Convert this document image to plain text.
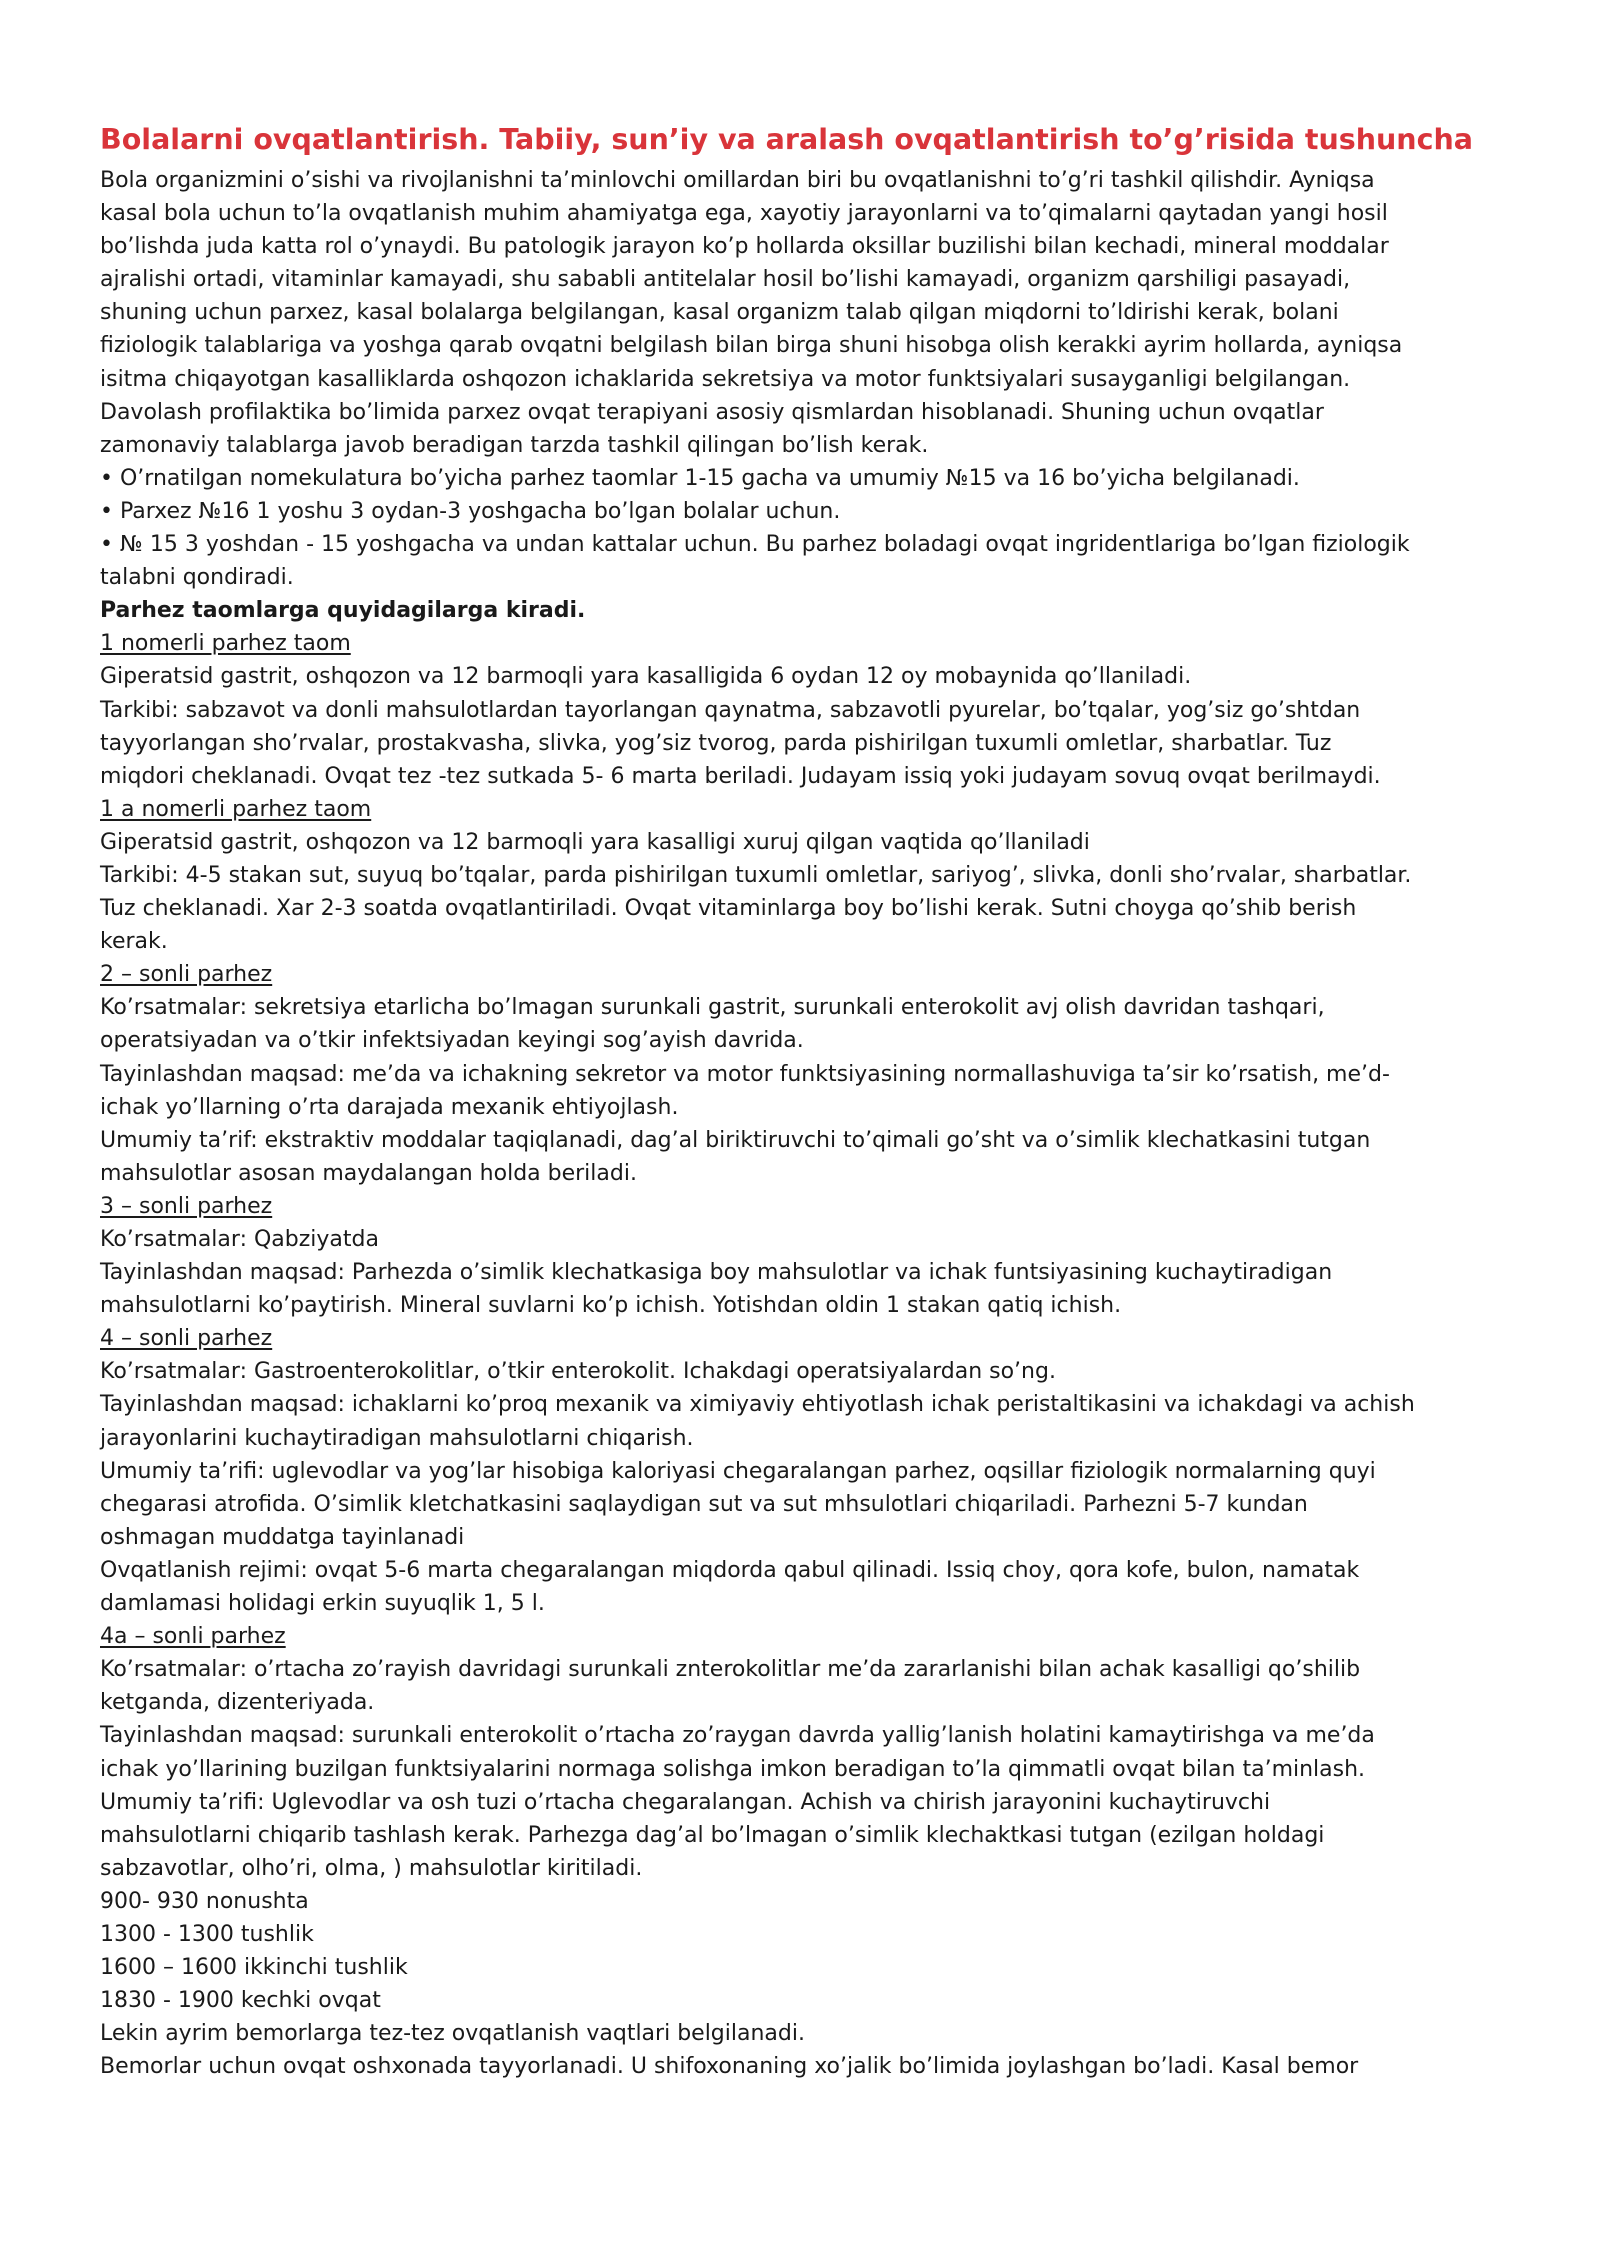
Bolalarni ovqatlantirish. Tabiiy, sun’iy va aralash ovqatlantirish to’g’risida tushuncha

Bola organizmini o’sishi va rivojlanishni ta’minlovchi omillardan biri bu ovqatlanishni to’g’ri tashkil qilishdir. Ayniqsa

kasal bola uchun to’la ovqatlanish muhim ahamiyatga ega, xayotiy jarayonlarni va to’qimalarni qaytadan yangi hosil

bo’lishda juda katta rol o’ynaydi. Bu patologik jarayon ko’p hollarda oksillar buzilishi bilan kechadi, mineral moddalar

ajralishi ortadi, vitaminlar kamayadi, shu sababli antitelalar hosil bo’lishi kamayadi, organizm qarshiligi pasayadi,

shuning uchun parxez, kasal bolalarga belgilangan, kasal organizm talab qilgan miqdorni to’ldirishi kerak, bolani

fiziologik talablariga va yoshga qarab ovqatni belgilash bilan birga shuni hisobga olish kerakki ayrim hollarda, ayniqsa

isitma chiqayotgan kasalliklarda oshqozon ichaklarida sekretsiya va motor funktsiyalari susayganligi belgilangan.

Davolash profilaktika bo’limida parxez ovqat terapiyani asosiy qismlardan hisoblanadi. Shuning uchun ovqatlar

zamonaviy talablarga javob beradigan tarzda tashkil qilingan bo’lish kerak.

• O’rnatilgan nomekulatura bo’yicha parhez taomlar 1-15 gacha va umumiy №15 va 16 bo’yicha belgilanadi.

• Parxez №16 1 yoshu 3 oydan-3 yoshgacha bo’lgan bolalar uchun.

• № 15 3 yoshdan - 15 yoshgacha va undan kattalar uchun. Bu parhez boladagi ovqat ingridentlariga bo’lgan fiziologik

talabni qondiradi.

Parhez taomlarga quyidagilarga kiradi.

1 nomerli parhez taom

Giperatsid gastrit, oshqozon va 12 barmoqli yara kasalligida 6 oydan 12 oy mobaynida qo’llaniladi.

Tarkibi: sabzavot va donli mahsulotlardan tayorlangan qaynatma, sabzavotli pyurelar, bo’tqalar, yog’siz go’shtdan

tayyorlangan sho’rvalar, prostakvasha, slivka, yog’siz tvorog, parda pishirilgan tuxumli omletlar, sharbatlar. Tuz

miqdori cheklanadi. Ovqat tez -tez sutkada 5- 6 marta beriladi. Judayam issiq yoki judayam sovuq ovqat berilmaydi.

1 a nomerli parhez taom

Giperatsid gastrit, oshqozon va 12 barmoqli yara kasalligi xuruj qilgan vaqtida qo’llaniladi

Tarkibi: 4-5 stakan sut, suyuq bo’tqalar, parda pishirilgan tuxumli omletlar, sariyog’, slivka, donli sho’rvalar, sharbatlar.

Tuz cheklanadi. Xar 2-3 soatda ovqatlantiriladi. Ovqat vitaminlarga boy bo’lishi kerak. Sutni choyga qo’shib berish

kerak.

2 – sonli parhez

Ko’rsatmalar: sekretsiya etarlicha bo’lmagan surunkali gastrit, surunkali enterokolit avj olish davridan tashqari,

operatsiyadan va o’tkir infektsiyadan keyingi sog’ayish davrida.

Tayinlashdan maqsad: me’da va ichakning sekretor va motor funktsiyasining normallashuviga ta’sir ko’rsatish, me’d-

ichak yo’llarning o’rta darajada mexanik ehtiyojlash.

Umumiy ta’rif: ekstraktiv moddalar taqiqlanadi, dag’al biriktiruvchi to’qimali go’sht va o’simlik klechatkasini tutgan

mahsulotlar asosan maydalangan holda beriladi.

3 – sonli parhez

Ko’rsatmalar: Qabziyatda

Tayinlashdan maqsad: Parhezda o’simlik klechatkasiga boy mahsulotlar va ichak funtsiyasining kuchaytiradigan

mahsulotlarni ko’paytirish. Mineral suvlarni ko’p ichish. Yotishdan oldin 1 stakan qatiq ichish.

4 – sonli parhez

Ko’rsatmalar: Gastroenterokolitlar, o’tkir enterokolit. Ichakdagi operatsiyalardan so’ng.

Tayinlashdan maqsad: ichaklarni ko’proq mexanik va ximiyaviy ehtiyotlash ichak peristaltikasini va ichakdagi va achish

jarayonlarini kuchaytiradigan mahsulotlarni chiqarish.

Umumiy ta’rifi: uglevodlar va yog’lar hisobiga kaloriyasi chegaralangan parhez, oqsillar fiziologik normalarning quyi

chegarasi atrofida. O’simlik kletchatkasini saqlaydigan sut va sut mhsulotlari chiqariladi. Parhezni 5-7 kundan

oshmagan muddatga tayinlanadi

Ovqatlanish rejimi: ovqat 5-6 marta chegaralangan miqdorda qabul qilinadi. Issiq choy, qora kofe, bulon, namatak

damlamasi holidagi erkin suyuqlik 1, 5 l.

4a – sonli parhez

Ko’rsatmalar: o’rtacha zo’rayish davridagi surunkali znterokolitlar me’da zararlanishi bilan achak kasalligi qo’shilib

ketganda, dizenteriyada.

Tayinlashdan maqsad: surunkali enterokolit o’rtacha zo’raygan davrda yallig’lanish holatini kamaytirishga va me’da

ichak yo’llarining buzilgan funktsiyalarini normaga solishga imkon beradigan to’la qimmatli ovqat bilan ta’minlash.

Umumiy ta’rifi: Uglevodlar va osh tuzi o’rtacha chegaralangan. Achish va chirish jarayonini kuchaytiruvchi

mahsulotlarni chiqarib tashlash kerak. Parhezga dag’al bo’lmagan o’simlik klechaktkasi tutgan (ezilgan holdagi

sabzavotlar, olho’ri, olma, ) mahsulotlar kiritiladi.

900- 930 nonushta

1300 - 1300 tushlik

1600 – 1600 ikkinchi tushlik

1830 - 1900 kechki ovqat

Lekin ayrim bemorlarga tez-tez ovqatlanish vaqtlari belgilanadi.

Bemorlar uchun ovqat oshxonada tayyorlanadi. U shifoxonaning xo’jalik bo’limida joylashgan bo’ladi. Kasal bemor
